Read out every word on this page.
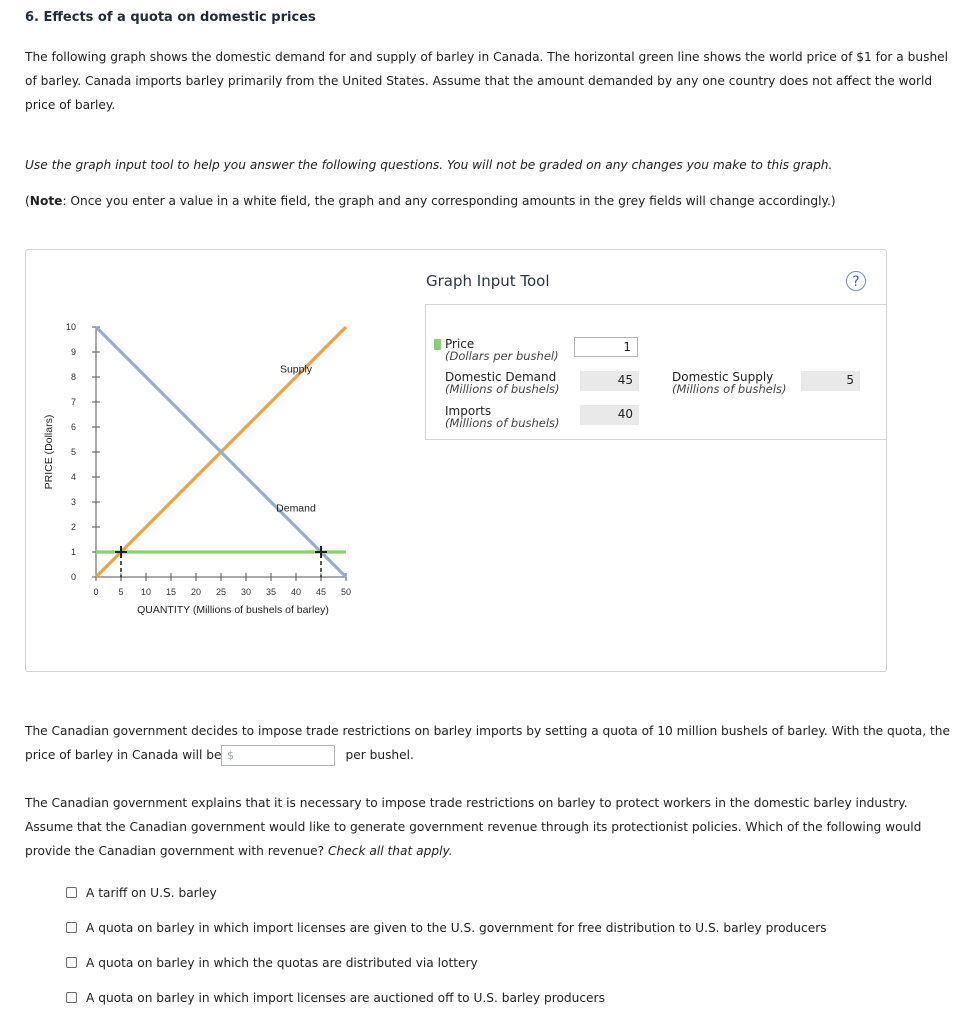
6. Effects of a quota on domestic prices
The following graph shows the domestic demand for and supply of barley in Canada. The horizontal green line shows the world price of $1 for a bushel
of barley. Canada imports barley primarily from the United States. Assume that the amount demanded by any one country does not affect the world
price of barley.
Use the graph input tool to help you answer the following questions. You will not be graded on any changes you make to this graph.
(Note: Once you enter a value in a white field, the graph and any corresponding amounts in the grey fields will change accordingly.)
0
1
2
3
4
5
6
7
8
9
10
0 5 10 15 20 25 30 35 40 45 50
QUANTITY (Millions of bushels of barley)
PRICE (Dollars)
Supply
Demand
Graph Input Tool	?
Price
(Dollars per bushel)
1
Domestic Demand
(Millions of bushels)
45	Domestic Supply
(Millions of bushels)
5
Imports
(Millions of bushels)
40
The Canadian government decides to impose trade restrictions on barley imports by setting a quota of 10 million bushels of barley. With the quota, the
price of barley in Canada will be	per bushel.
$
The Canadian government explains that it is necessary to impose trade restrictions on barley to protect workers in the domestic barley industry.
Assume that the Canadian government would like to generate government revenue through its protectionist policies. Which of the following would
provide the Canadian government with revenue? Check all that apply.
A tariff on U.S. barley
A quota on barley in which import licenses are given to the U.S. government for free distribution to U.S. barley producers
A quota on barley in which the quotas are distributed via lottery
A quota on barley in which import licenses are auctioned off to U.S. barley producers
